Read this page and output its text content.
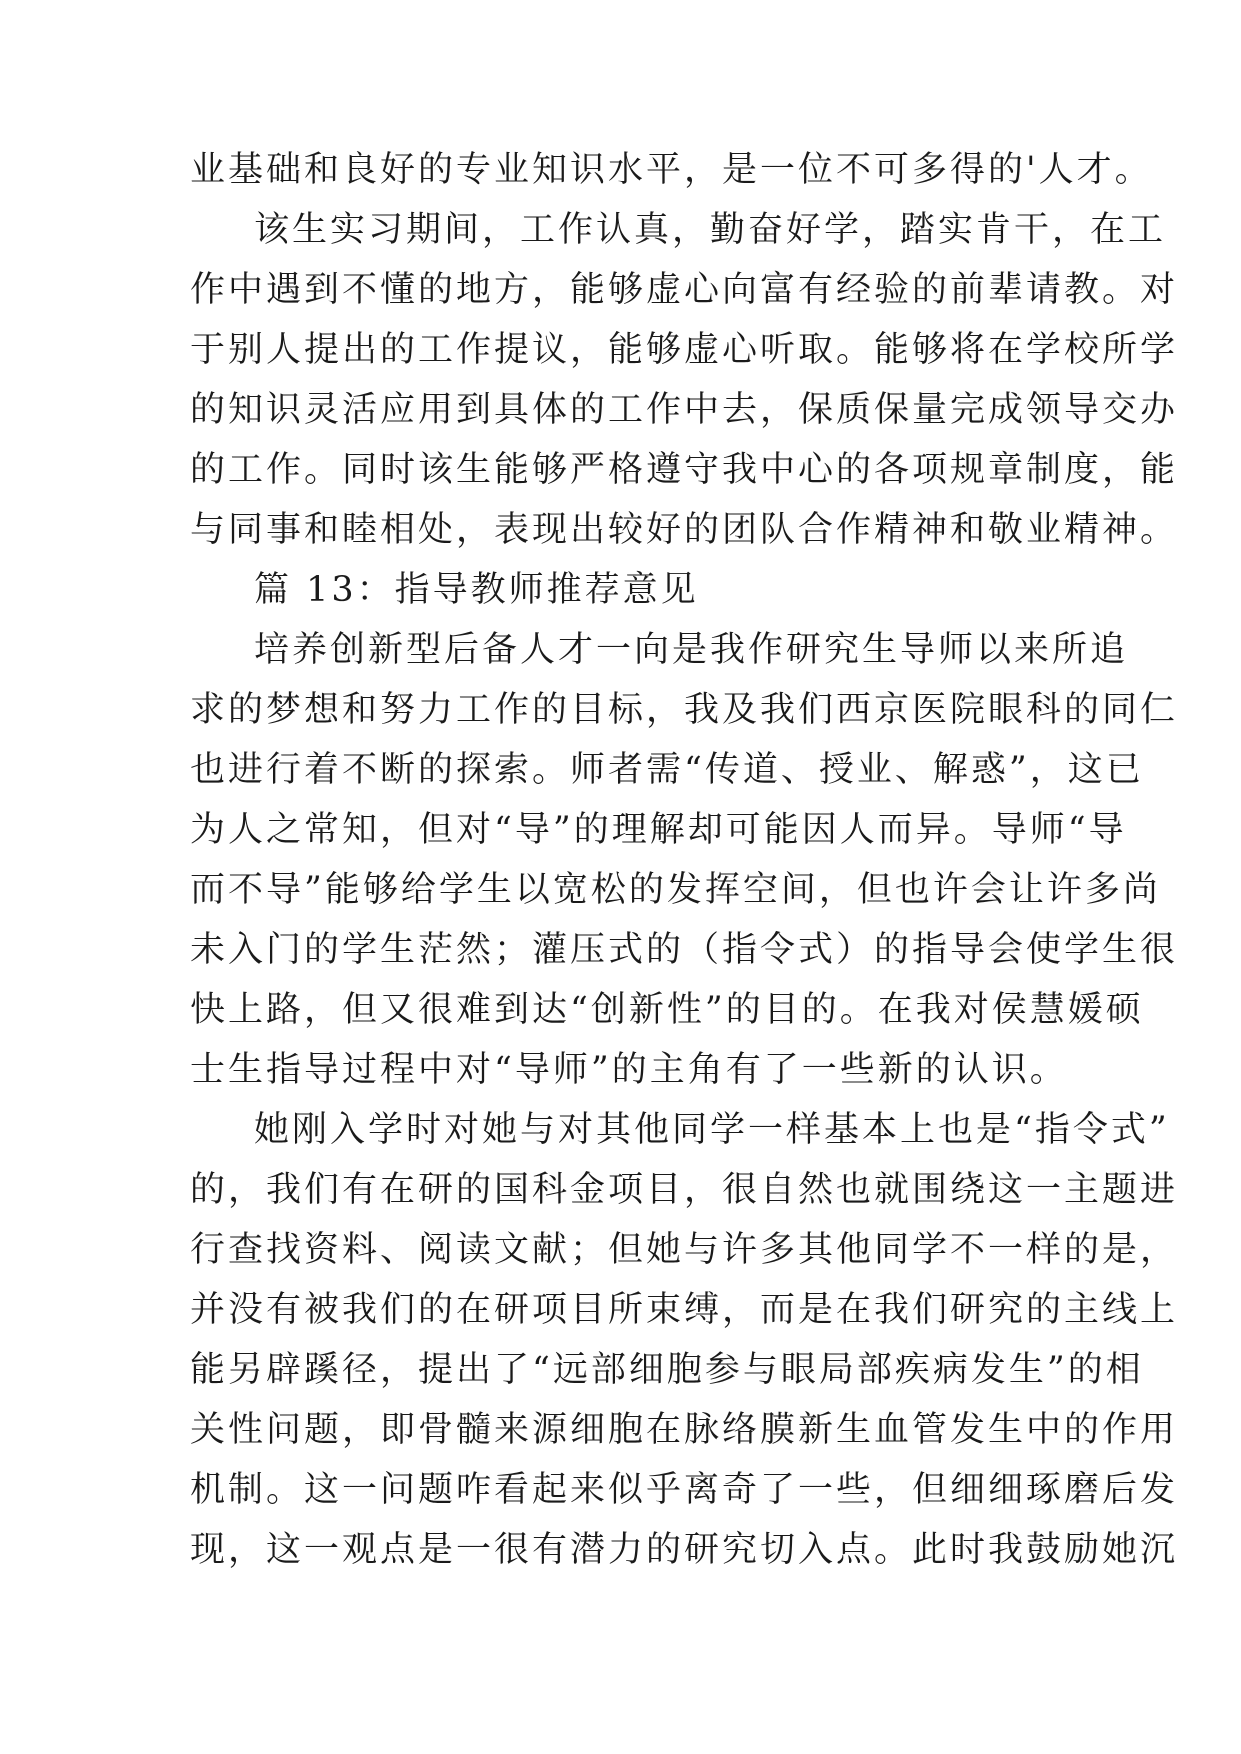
业基础和良好的专业知识水平，是一位不可多得的'人才。
该生实习期间，工作认真，勤奋好学，踏实肯干，在工
作中遇到不懂的地方，能够虚心向富有经验的前辈请教。对
于别人提出的工作提议，能够虚心听取。能够将在学校所学
的知识灵活应用到具体的工作中去，保质保量完成领导交办
的工作。同时该生能够严格遵守我中心的各项规章制度，能
与同事和睦相处，表现出较好的团队合作精神和敬业精神。
篇 13：指导教师推荐意见
培养创新型后备人才一向是我作研究生导师以来所追
求的梦想和努力工作的目标，我及我们西京医院眼科的同仁
也进行着不断的探索。师者需“传道、授业、解惑”，这已
为人之常知，但对“导”的理解却可能因人而异。导师“导
而不导”能够给学生以宽松的发挥空间，但也许会让许多尚
未入门的学生茫然；灌压式的（指令式）的指导会使学生很
快上路，但又很难到达“创新性”的目的。在我对侯慧媛硕
士生指导过程中对“导师”的主角有了一些新的认识。
她刚入学时对她与对其他同学一样基本上也是“指令式”
的，我们有在研的国科金项目，很自然也就围绕这一主题进
行查找资料、阅读文献；但她与许多其他同学不一样的是，
并没有被我们的在研项目所束缚，而是在我们研究的主线上
能另辟蹊径，提出了“远部细胞参与眼局部疾病发生”的相
关性问题，即骨髓来源细胞在脉络膜新生血管发生中的作用
机制。这一问题咋看起来似乎离奇了一些，但细细琢磨后发
现，这一观点是一很有潜力的研究切入点。此时我鼓励她沉
